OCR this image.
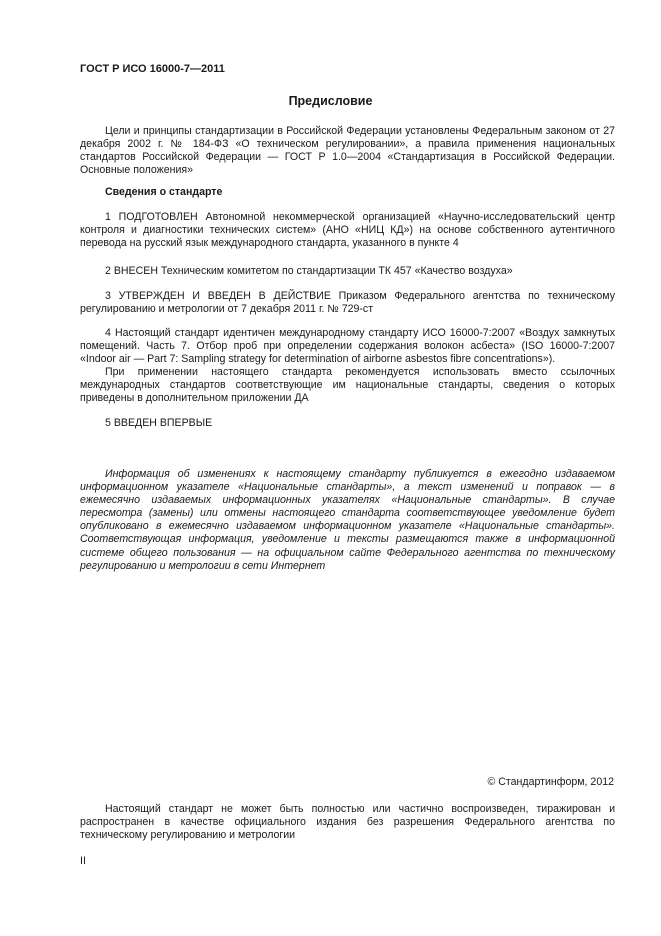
ГОСТ Р ИСО 16000-7—2011
Предисловие
Цели и принципы стандартизации в Российской Федерации установлены Федеральным законом от 27 декабря 2002 г. № 184-ФЗ «О техническом регулировании», а правила применения национальных стандартов Российской Федерации — ГОСТ Р 1.0—2004 «Стандартизация в Российской Федерации. Основные положения»
Сведения о стандарте
1 ПОДГОТОВЛЕН Автономной некоммерческой организацией «Научно-исследовательский центр контроля и диагностики технических систем» (АНО «НИЦ КД») на основе собственного аутентичного перевода на русский язык международного стандарта, указанного в пункте 4
2 ВНЕСЕН Техническим комитетом по стандартизации ТК 457 «Качество воздуха»
3 УТВЕРЖДЕН И ВВЕДЕН В ДЕЙСТВИЕ Приказом Федерального агентства по техническому регулированию и метрологии от 7 декабря 2011 г. № 729-ст
4 Настоящий стандарт идентичен международному стандарту ИСО 16000-7:2007 «Воздух замкнутых помещений. Часть 7. Отбор проб при определении содержания волокон асбеста» (ISO 16000-7:2007 «Indoor air — Part 7: Sampling strategy for determination of airborne asbestos fibre concentrations»).
При применении настоящего стандарта рекомендуется использовать вместо ссылочных международных стандартов соответствующие им национальные стандарты, сведения о которых приведены в дополнительном приложении ДА
5 ВВЕДЕН ВПЕРВЫЕ
Информация об изменениях к настоящему стандарту публикуется в ежегодно издаваемом информационном указателе «Национальные стандарты», а текст изменений и поправок — в ежемесячно издаваемых информационных указателях «Национальные стандарты». В случае пересмотра (замены) или отмены настоящего стандарта соответствующее уведомление будет опубликовано в ежемесячно издаваемом информационном указателе «Национальные стандарты». Соответствующая информация, уведомление и тексты размещаются также в информационной системе общего пользования — на официальном сайте Федерального агентства по техническому регулированию и метрологии в сети Интернет
© Стандартинформ, 2012
Настоящий стандарт не может быть полностью или частично воспроизведен, тиражирован и распространен в качестве официального издания без разрешения Федерального агентства по техническому регулированию и метрологии
II
